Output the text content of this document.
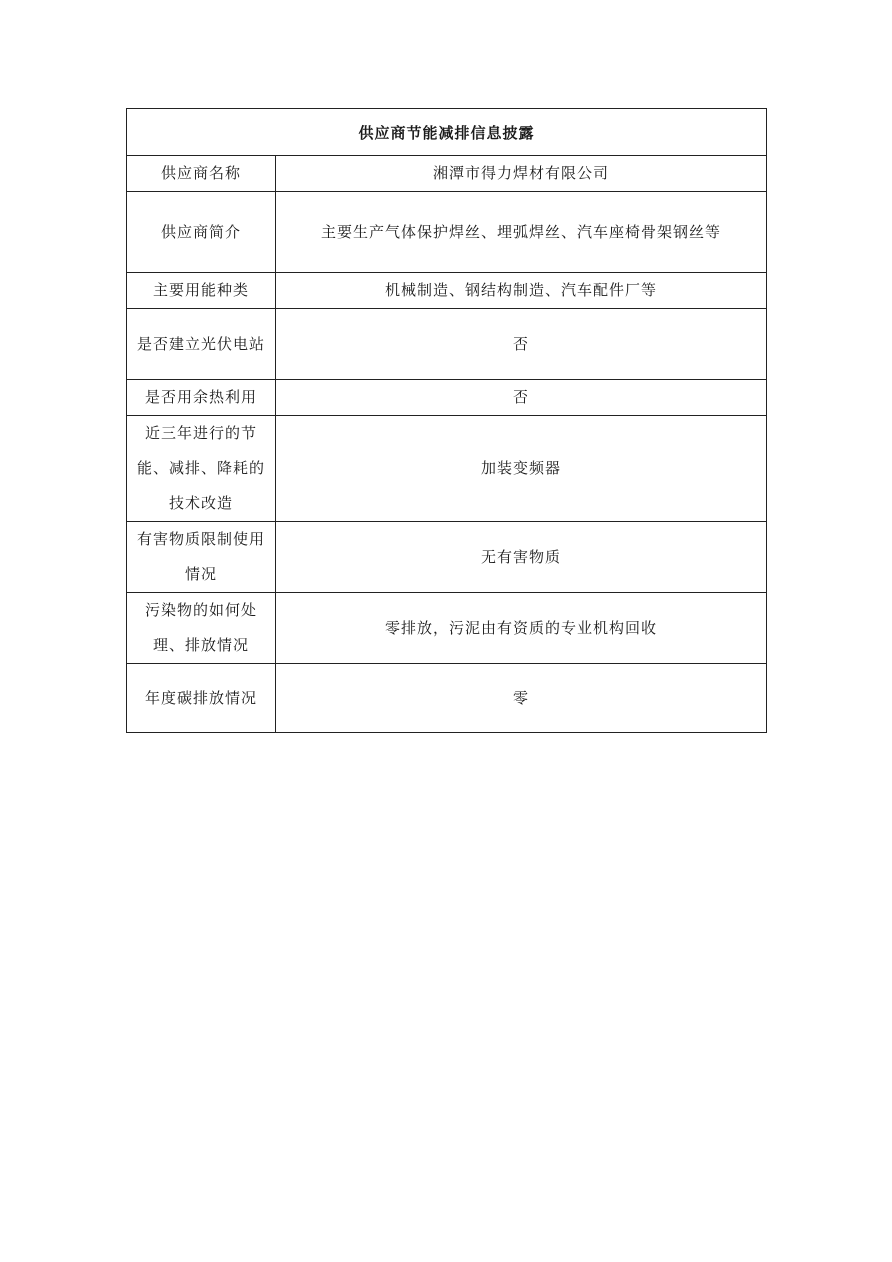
供应商节能减排信息披露	
供应商名称	湘潭市得力焊材有限公司
供应商简介	主要生产气体保护焊丝、埋弧焊丝、汽车座椅骨架钢丝等
主要用能种类	机械制造、钢结构制造、汽车配件厂等
是否建立光伏电站	否
是否用余热利用	否
近三年进行的节能、减排、降耗的技术改造	加装变频器
有害物质限制使用情况	无有害物质
污染物的如何处理、排放情况	零排放，污泥由有资质的专业机构回收
年度碳排放情况	零
